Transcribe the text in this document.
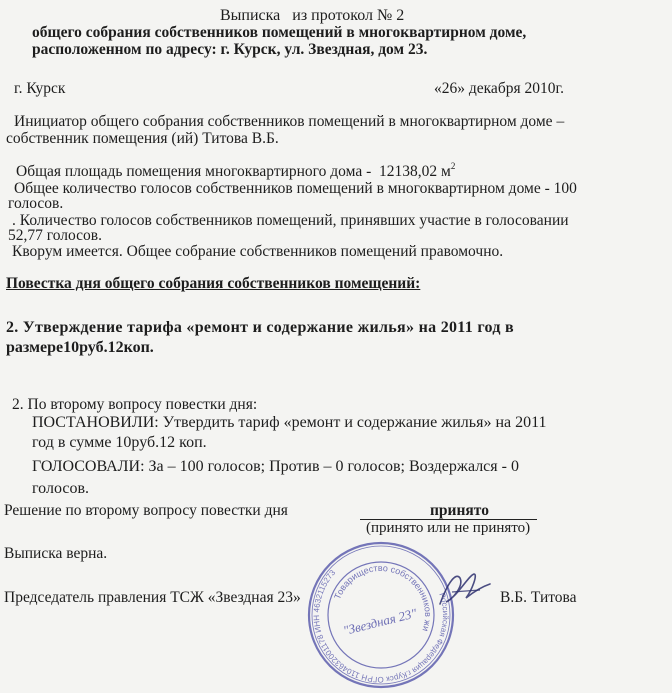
Выписка из протокол № 2
общего собрания собственников помещений в многоквартирном доме,
расположенном по адресу: г. Курск, ул. Звездная, дом 23.
г. Курск	«26» декабря 2010г.
Инициатор общего собрания собственников помещений в многоквартирном доме –
собственник помещения (ий) Титова В.Б.
Общая площадь помещения многоквартирного дома - 12138,02 $м^2$
Общее количество голосов собственников помещений в многоквартирном доме - 100
голосов.
. Количество голосов собственников помещений, принявших участие в голосовании
52,77 голосов.
Кворум имеется. Общее собрание собственников помещений правомочно.
Повестка дня общего собрания собственников помещений:
2. Утверждение тарифа «ремонт и содержание жилья» на 2011 год в
размере10руб.12коп.
2. По второму вопросу повестки дня:
ПОСТАНОВИЛИ: Утвердить тариф «ремонт и содержание жилья» на 2011
год в сумме 10руб.12 коп.
ГОЛОСОВАЛИ: За – 100 голосов; Против – 0 голосов; Воздержался - 0
голосов.
Решение по второму вопросу повестки дня	принято
(принято или не принято)
Выписка верна.
Председатель правления ТСЖ «Звездная 23»	В.Б. Титова
Российская Федерация г.Курск ОГРН 1104632001178 ИНН 4632115273
Товарищество собственников жилья
"Звездная 23"
